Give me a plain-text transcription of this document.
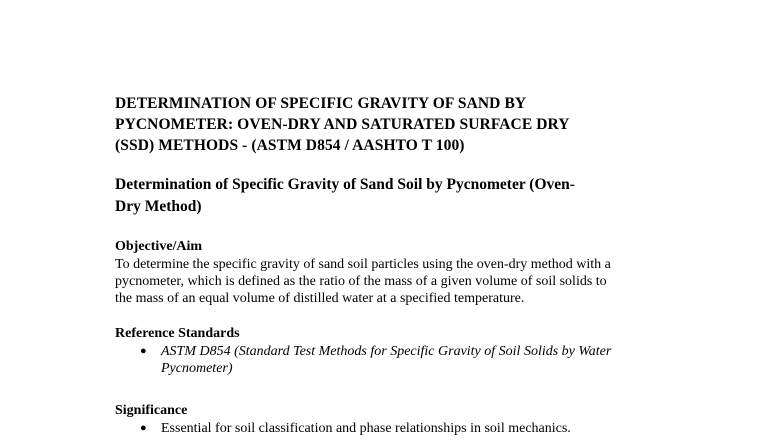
DETERMINATION OF SPECIFIC GRAVITY OF SAND BY
PYCNOMETER: OVEN-DRY AND SATURATED SURFACE DRY
(SSD) METHODS - (ASTM D854 / AASHTO T 100)
Determination of Specific Gravity of Sand Soil by Pycnometer (Oven-
Dry Method)
Objective/Aim

To determine the specific gravity of sand soil particles using the oven-dry method with a
pycnometer, which is defined as the ratio of the mass of a given volume of soil solids to
the mass of an equal volume of distilled water at a specified temperature.

Reference Standards
●	ASTM D854 (Standard Test Methods for Specific Gravity of Soil Solids by Water
Pycnometer)
Significance
●	Essential for soil classification and phase relationships in soil mechanics.
